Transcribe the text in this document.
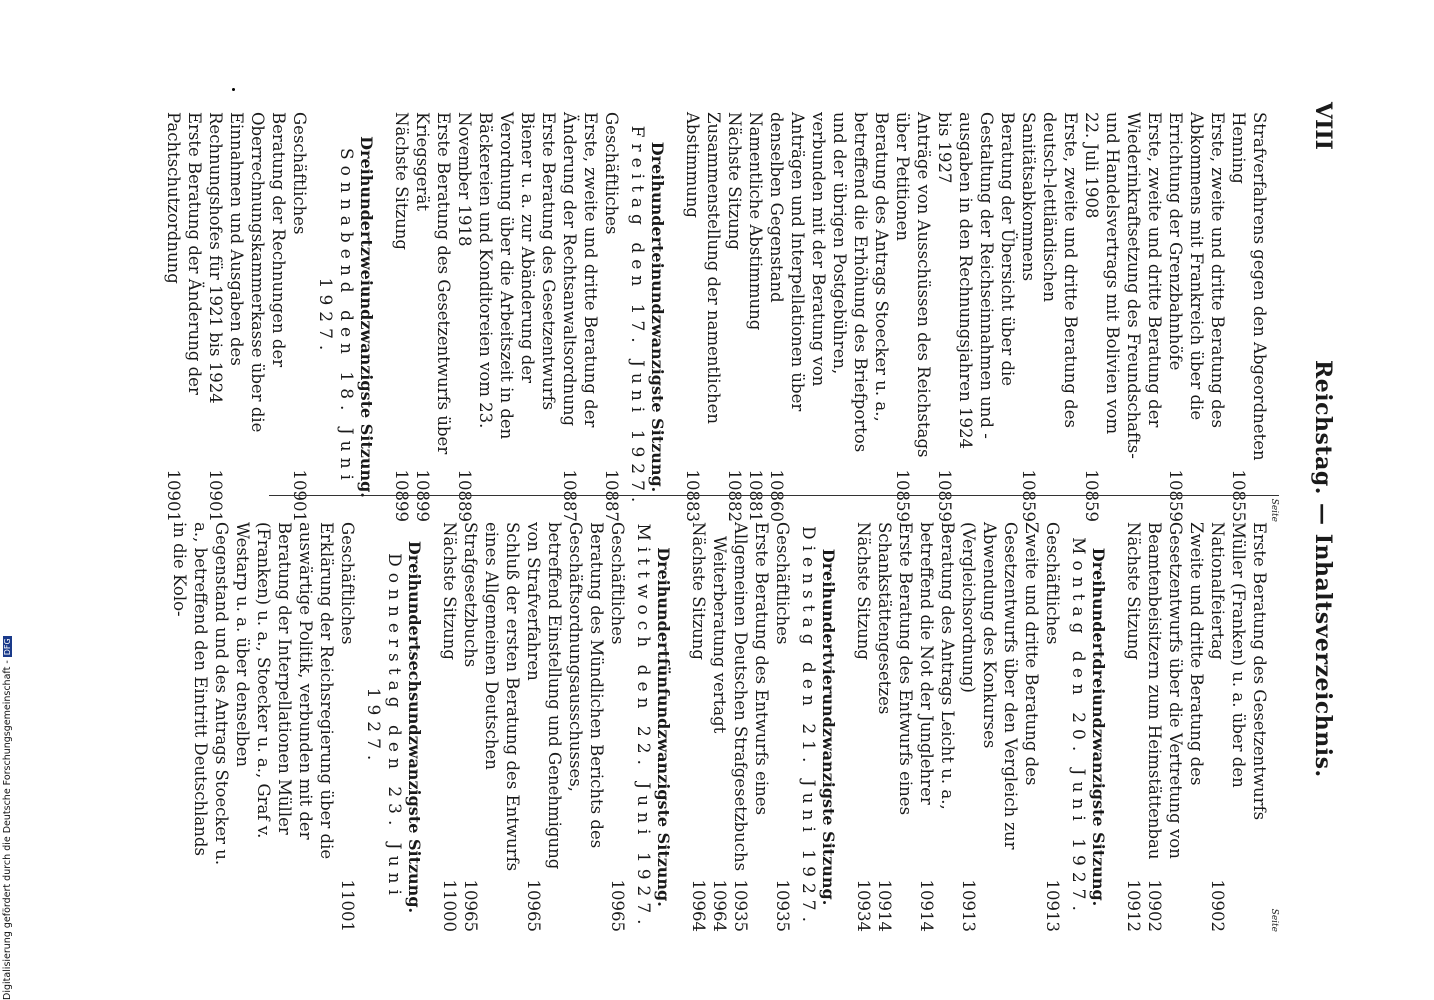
VIII
Reichstag. — Inhaltsverzeichnis.
Seite
Strafverfahrens gegen den Abgeordneten Henning
10855
Erste, zweite und dritte Beratung des Abkommens mit Frankreich über die Errichtung der Grenzbahnhöfe
10859
Erste, zweite und dritte Beratung der Wiederinkraftsetzung des Freundschafts- und Handelsvertrags mit Bolivien vom 22. Juli 1908
10859
Erste, zweite und dritte Beratung des deutsch-lettländischen Sanitätsabkommens
10859
Beratung der Übersicht über die Gestaltung der Reichseinnahmen und -ausgaben in den Rechnungsjahren 1924 bis 1927
10859
Anträge von Ausschüssen des Reichstags über Petitionen
10859
Beratung des Antrags Stoecker u. a., betreffend die Erhöhung des Briefportos und der übrigen Postgebühren, verbunden mit der Beratung von Anträgen und Interpellationen über denselben Gegenstand
10860
Namentliche Abstimmung
10881
Nächste Sitzung
10882
Zusammenstellung der namentlichen Abstimmung
10883
Dreihunderteinundzwanzigste Sitzung.
Freitag den 17. Juni 1927.
Geschäftliches
10887
Erste, zweite und dritte Beratung der Änderung der Rechtsanwaltsordnung
10887
Erste Beratung des Gesetzentwurfs Biener u. a. zur Abänderung der Verordnung über die Arbeitszeit in den Bäckereien und Konditoreien vom 23. November 1918
10889
Erste Beratung des Gesetzentwurfs über Kriegsgerät
10899
Nächste Sitzung
10899
Dreihundertzweiundzwanzigste Sitzung.
Sonnabend den 18. Juni 1927.
Geschäftliches
10901
Beratung der Rechnungen der Oberrechnungskammerkasse über die Einnahmen und Ausgaben des Rechnungshofes für 1921 bis 1924
10901
Erste Beratung der Änderung der Pachtschutzordnung
10901
Seite
Erste Beratung des Gesetzentwurfs Müller (Franken) u. a. über den Nationalfeiertag
10902
Zweite und dritte Beratung des Gesetzentwurfs über die Vertretung von Beamtenbeisitzern zum Heimstättenbau
10902
Nächste Sitzung
10912
Dreihundertdreiundzwanzigste Sitzung.
Montag den 20. Juni 1927.
Geschäftliches
10913
Zweite und dritte Beratung des Gesetzentwurfs über den Vergleich zur Abwendung des Konkurses (Vergleichsordnung)
10913
Beratung des Antrags Leicht u. a., betreffend die Not der Junglehrer
10914
Erste Beratung des Entwurfs eines Schankstättengesetzes
10914
Nächste Sitzung
10934
Dreihundertvierundzwanzigste Sitzung.
Dienstag den 21. Juni 1927.
Geschäftliches
10935
Erste Beratung des Entwurfs eines Allgemeinen Deutschen Strafgesetzbuchs
10935
Weiterberatung vertagt
10964
Nächste Sitzung
10964
Dreihundertfünfundzwanzigste Sitzung.
Mittwoch den 22. Juni 1927.
Geschäftliches
10965
Beratung des Mündlichen Berichts des Geschäftsordnungsausschusses, betreffend Einstellung und Genehmigung von Strafverfahren
10965
Schluß der ersten Beratung des Entwurfs eines Allgemeinen Deutschen Strafgesetzbuchs
10965
Nächste Sitzung
11000
Dreihundertsechsundzwanzigste Sitzung.
Donnerstag den 23. Juni 1927.
Geschäftliches
11001
Erklärung der Reichsregierung über die auswärtige Politik, verbunden mit der Beratung der Interpellationen Müller (Franken) u. a., Stoecker u. a., Graf v. Westarp u. a. über denselben Gegenstand und des Antrags Stoecker u. a., betreffend den Eintritt Deutschlands in die Kolo-
Digitalisierung gefördert durch die Deutsche Forschungsgemeinschaft -DFG
